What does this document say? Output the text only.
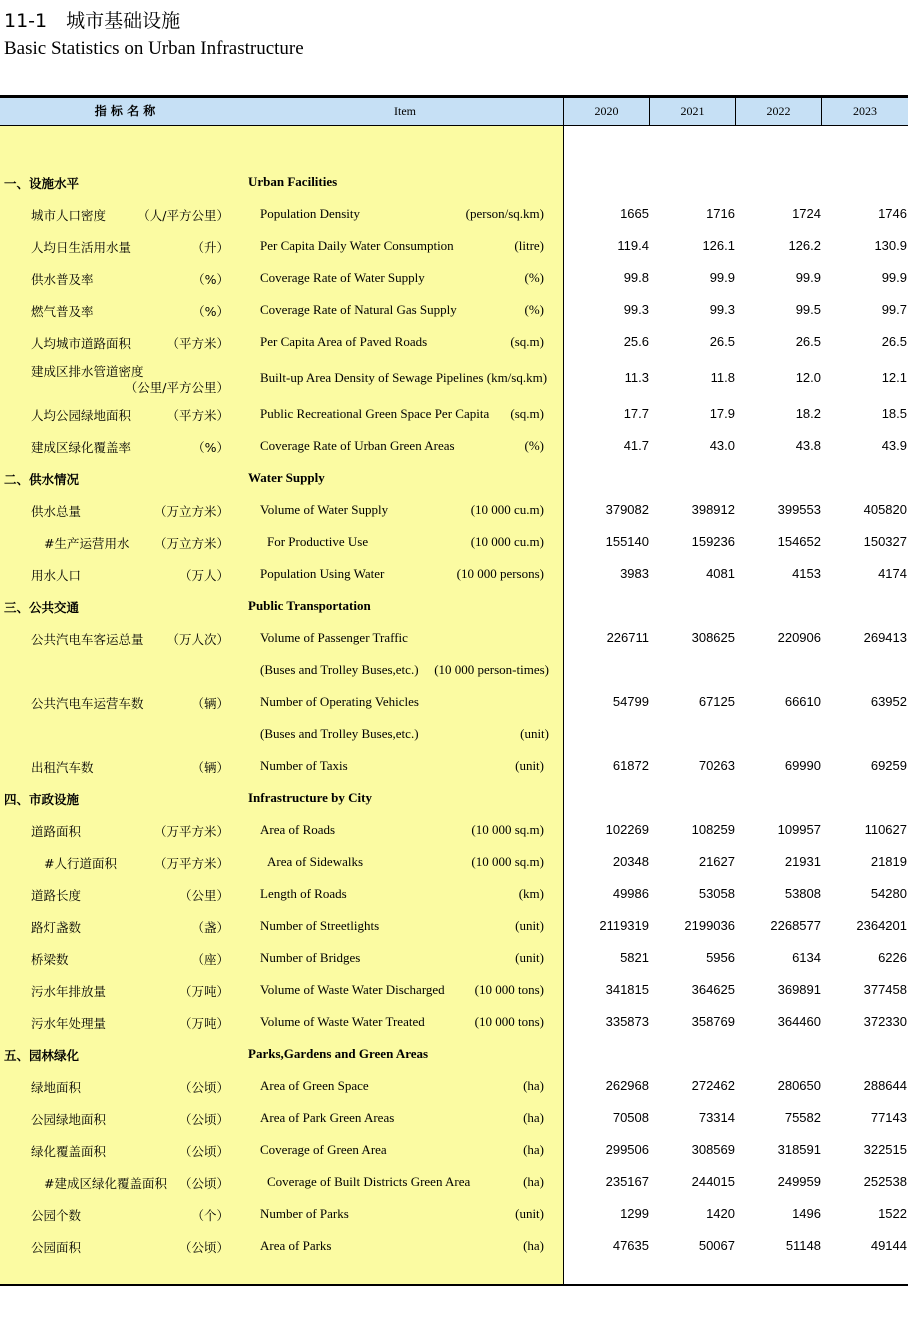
11-1　城市基础设施
Basic Statistics on Urban Infrastructure
指 标 名 称	Item	2020	2021	2022	2023
一、设施水平	Urban Facilities
城市人口密度	（人/平方公里） Population Density	(person/sq.km)	1665	1716	1724	1746
人均日生活用水量	（升） Per Capita Daily Water Consumption	(litre)	119.4	126.1	126.2	130.9
供水普及率	（%） Coverage Rate of Water Supply	(%)	99.8	99.9	99.9	99.9
燃气普及率	（%） Coverage Rate of Natural Gas Supply	(%)	99.3	99.3	99.5	99.7
人均城市道路面积	（平方米） Per Capita Area of Paved Roads	(sq.m)	25.6	26.5	26.5	26.5
建成区排水管道密度
（公里/平方公里）
Built-up Area Density of Sewage Pipelines (km/sq.km)	11.3	11.8	12.0	12.1
人均公园绿地面积	（平方米） Public Recreational Green Space Per Capita (sq.m)	17.7	17.9	18.2	18.5
建成区绿化覆盖率	（%） Coverage Rate of Urban Green Areas	(%)	41.7	43.0	43.8	43.9
二、供水情况	Water Supply
供水总量	（万立方米） Volume of Water Supply	(10 000 cu.m)	379082	398912	399553	405820
#生产运营用水 （万立方米）	For Productive Use	(10 000 cu.m)	155140	159236	154652	150327
用水人口	（万人） Population Using Water	(10 000 persons)	3983	4081	4153	4174
三、公共交通	Public Transportation
公共汽电车客运总量 （万人次） Volume of Passenger Traffic	226711	308625	220906	269413
(Buses and Trolley Buses,etc.) (10 000 person-times)
公共汽电车运营车数	（辆） Number of Operating Vehicles	54799	67125	66610	63952
(Buses and Trolley Buses,etc.)	(unit)
出租汽车数	（辆） Number of Taxis	(unit)	61872	70263	69990	69259
四、市政设施	Infrastructure by City
道路面积	（万平方米） Area of Roads	(10 000 sq.m)	102269	108259	109957	110627
#人行道面积	（万平方米）	Area of Sidewalks	(10 000 sq.m)	20348	21627	21931	21819
道路长度	（公里） Length of Roads	(km)	49986	53058	53808	54280
路灯盏数	（盏） Number of Streetlights	(unit)	2119319	2199036	2268577	2364201
桥梁数	（座） Number of Bridges	(unit)	5821	5956	6134	6226
污水年排放量	（万吨） Volume of Waste Water Discharged (10 000 tons)	341815	364625	369891	377458
污水年处理量	（万吨） Volume of Waste Water Treated	(10 000 tons)	335873	358769	364460	372330
五、园林绿化	Parks,Gardens and Green Areas
绿地面积	（公顷） Area of Green Space	(ha)	262968	272462	280650	288644
公园绿地面积	（公顷） Area of Park Green Areas	(ha)	70508	73314	75582	77143
绿化覆盖面积	（公顷） Coverage of Green Area	(ha)	299506	308569	318591	322515
#建成区绿化覆盖面积 （公顷）	Coverage of Built Districts Green Area	(ha)	235167	244015	249959	252538
公园个数	（个） Number of Parks	(unit)	1299	1420	1496	1522
公园面积	（公顷） Area of Parks	(ha)	47635	50067	51148	49144
